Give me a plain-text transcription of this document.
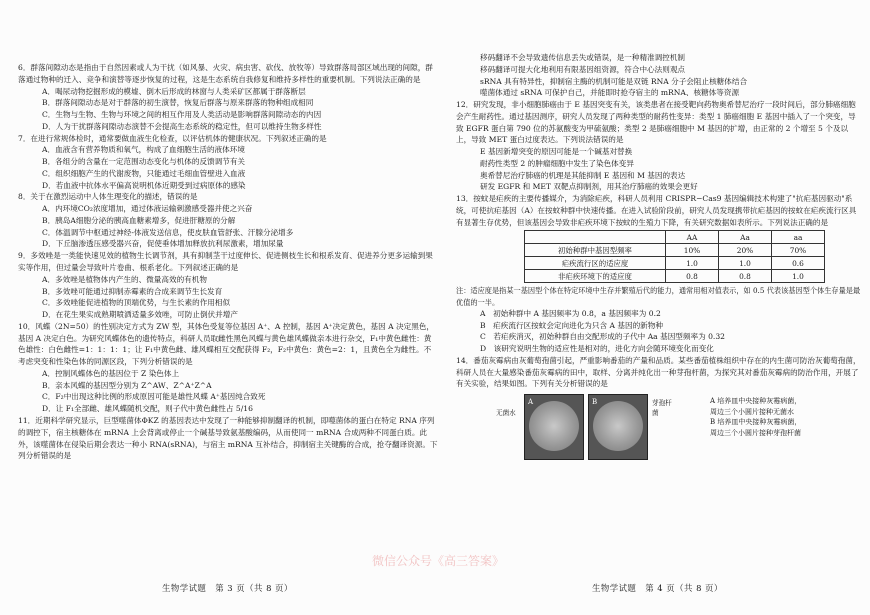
6．群落间隙动态是指由于自然因素或人为干扰（如风暴、火灾、病虫害、砍伐、放牧等）导致群落局部区域出现的间隙，群落通过物种的迁入、竞争和演替等逐步恢复的过程，这是生态系统自我修复和维持多样性的重要机制。下列说法正确的是

A．喝尿动物挖掘形成的模墟、倒木后形成的林窗与人类采矿区都属于群落断层

B．群落间隙动态是对于群落的初生演替，恢复后群落与原来群落的物种组成相同

C．生物与生物、生物与环境之间的相互作用及人类活动是影响群落间隙动态的内因

D．人为干扰群落间隙动态演替不会提高生态系统的稳定性，但可以维持生物多样性

7．在进行常规体检时，通常要做血液生化检查，以评估机体的健康状况。下列叙述正确的是

A．血液含有营养物质和氧气，构成了血细胞生活的液体环境

B．各组分的含量在一定范围动态变化与机体的反馈调节有关

C．组织细胞产生的代谢废物，只能通过毛细血管壁进入血液

D．若血液中抗体水平偏高说明机体近期受到过病原体的感染

8．关于在激烈运动中人体生理变化的描述，错误的是

A．内环境CO₂浓度增加，通过体液运输刺激感受器并使之兴奋

B．胰岛A细胞分泌的胰高血糖素增多，促进肝糖原的分解

C．体温调节中枢通过神经-体液发送信息，使皮肤血管舒张、汗腺分泌增多

D．下丘脑渗透压感受器兴奋，促使垂体增加释放抗利尿激素，增加尿量

9．多效唑是一类能快速见效的植物生长调节剂，具有抑制茎干过度伸长、促进侧枝生长和根系发育、促进养分更多运输到果实等作用，但过量会导致叶片卷曲、根系老化。下列叙述正确的是

A．多效唑是植物体内产生的、微量高效的有机物

B．多效唑可能通过抑制赤霉素的合成来调节生长发育

C．多效唑能促进植物的顶端优势，与生长素的作用相似

D．在花生果实成熟期喷洒适量多效唑，可防止倒伏并增产

10．风蝶（2N=50）的性别决定方式为 ZW 型，其体色受复等位基因 A⁺、A 控制，基因 A⁺决定黄色，基因 A 决定黑色，基因 A 决定白色。为研究风蝶体色的遗传特点，科研人员取雌性黑色风蝶与黄色雄风蝶做亲本进行杂交，F₁中黄色雌性：黄色雄性：白色雌性=1：1：1：1；让 F₁中黄色雌、雄风蝶相互交配获得 F₂，F₂中黄色：黄色=2：1，且黄色全为雌性。不考虑突变和性染色体的同源区段，下列分析错误的是

A．控制风蝶体色的基因位于 Z 染色体上

B．亲本风蝶的基因型分别为 Z^AW、Z^A⁺Z^A

C．F₂中出现这种比例的形成原因可能是雄性风蝶 A⁺基因纯合致死

D．让 F₁全部雌、雄风蝶随机交配，则子代中黄色雌性占 5/16

11．近期科学研究显示，巨型噬菌体ΦKZ 的基因表达中发现了一种能够抑制翻译的机制，即噬菌体的蛋白在特定 RNA 序列的调控下，宿主核糖体在 mRNA 上会背离或停止一个碱基导致氨基酸编码，从而使同一 mRNA 合成两种不同蛋白质。此外，该噬菌体在侵染后期会表达一种小 RNA(sRNA)，与宿主 mRNA 互补结合，抑制宿主关键酶的合成，抢夺翻译资源。下列分析错误的是

生物学试题　第 3 页（共 8 页）

移码翻译不会导致遗传信息丢失或错误，是一种精准调控机制

移码翻译可提大化地利用有限基因组资源，符合中心法则观点

sRNA 具有特异性，抑制宿主酶的机制可能是双链 RNA 分子会阻止核糖体结合

噬菌体通过 sRNA 可保护自己，并能即时抢夺宿主的 mRNA、核糖体等资源

12．研究发现，非小细胞肺癌由于 E 基因突变有关，该类患者在接受靶向药物奥希替尼治疗一段时间后，部分肺癌细胞会产生耐药性。通过基因测序，研究人员发现了两种类型的耐药性变异：类型 1 肺癌细胞 E 基因中插入了一个突变，导致 EGFR 蛋白第 790 位的苏氨酸变为甲硫氨酸；类型 2 是肺癌细胞中 M 基因的扩增，由正常的 2 个增至 5 个及以上，导致 MET 蛋白过度表达。下列说法错误的是

E 基因新增突变的原因可能是一个碱基对替换

耐药性类型 2 的肿瘤细胞中发生了染色体变异

奥希替尼治疗肺癌的机理是其能抑制 E 基因和 M 基因的表达

研发 EGFR 和 MET 双靶点抑制剂，用其治疗肺癌的效果会更好

13．按蚊是疟疾的主要传播媒介，为消除疟疾，科研人员利用 CRISPR−Cas9 基因编辑技术构建了"抗疟基因驱动"系统，可使抗疟基因（A）在按蚊种群中快速传播。在进入试验阶段前，研究人员发现携带抗疟基因的按蚊在疟疾流行区具有显著生存优势，但该基因会导致非疟疾环境下按蚊的生殖力下降，有关研究数据如表所示。下列说法正确的是

	AA	Aa	aa
初始种群中基因型频率	10%	20%	70%
疟疾流行区的适应度	1.0	1.0	0.6
非疟疾环境下的适应度	0.8	0.8	1.0

注：适应度是指某一基因型个体在特定环境中生存并繁殖后代的能力，通常用相对值表示，如 0.5 代表该基因型个体生存量是最优值的一半。

A　初始种群中 A 基因频率为 0.8，a 基因频率为 0.2

B　疟疾流行区按蚊会定向进化为只含 A 基因的新物种

C　若疟疾消灭，初始种群自由交配形成的子代中 Aa 基因型频率为 0.32

D　该研究说明生物的适应性是相对的，进化方向会随环境变化而变化

14．番茄灰霉病由灰葡萄孢菌引起，严重影响番茄的产量和品质。某些番茄植株组织中存在的内生菌可防治灰葡萄孢菌，科研人员在大量感染番茄灰霉病的田中，取样、分离并纯化出一种芽孢杆菌，为探究其对番茄灰霉病的防治作用，开展了有关实验，结果如图。下列有关分析错误的是

无菌水
A	B	芽孢杆
菌
A 培养皿中央接种灰霉病菌，
周边三个小圆片接种无菌水
B 培养皿中央接种灰霉病菌，
周边三个小圆片接种芽孢杆菌
生物学试题　第 4 页（共 8 页）
微信公众号《高三答案》
